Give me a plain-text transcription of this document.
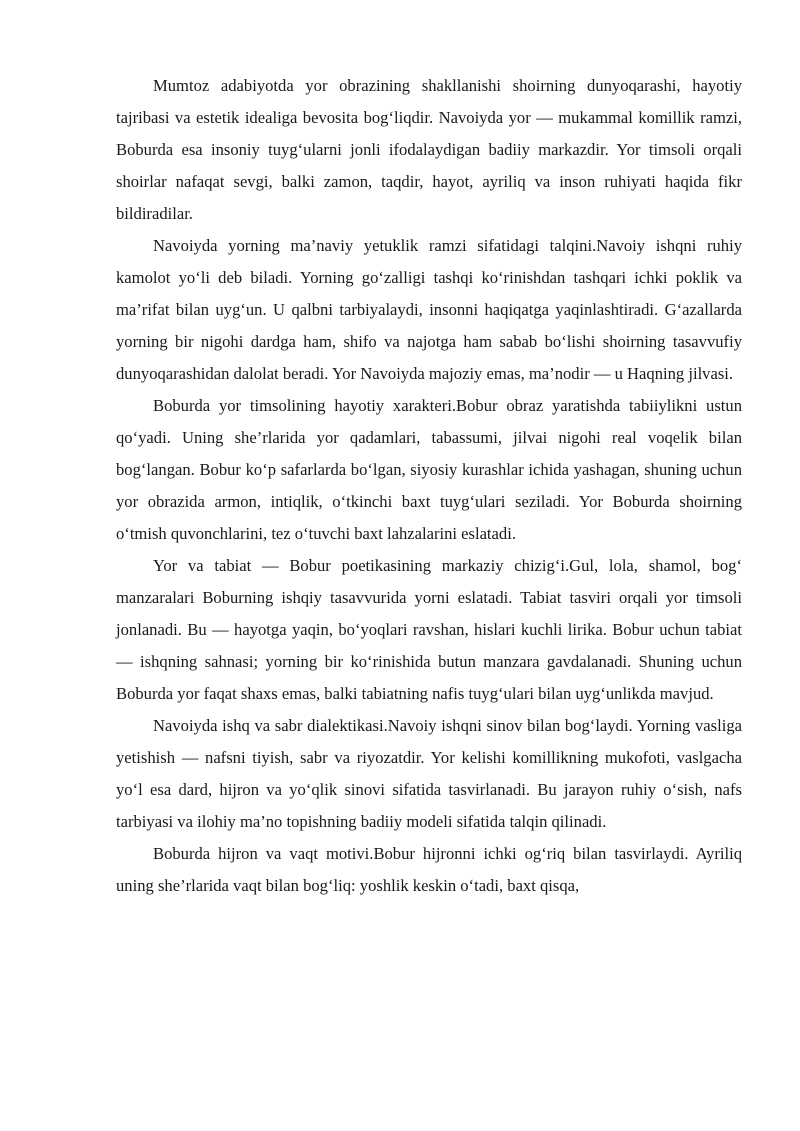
Mumtoz adabiyotda yor obrazining shakllanishi shoirning dunyoqarashi, hayotiy tajribasi va estetik idealiga bevosita bog‘liqdir. Navoiyda yor — mukammal komillik ramzi, Boburda esa insoniy tuyg‘ularni jonli ifodalaydigan badiiy markazdir. Yor timsoli orqali shoirlar nafaqat sevgi, balki zamon, taqdir, hayot, ayriliq va inson ruhiyati haqida fikr bildiradilar.

Navoiyda yorning ma’naviy yetuklik ramzi sifatidagi talqini.Navoiy ishqni ruhiy kamolot yo‘li deb biladi. Yorning go‘zalligi tashqi ko‘rinishdan tashqari ichki poklik va ma’rifat bilan uyg‘un. U qalbni tarbiyalaydi, insonni haqiqatga yaqinlashtiradi. G‘azallarda yorning bir nigohi dardga ham, shifo va najotga ham sabab bo‘lishi shoirning tasavvufiy dunyoqarashidan dalolat beradi. Yor Navoiyda majoziy emas, ma’nodir — u Haqning jilvasi.

Boburda yor timsolining hayotiy xarakteri.Bobur obraz yaratishda tabiiylikni ustun qo‘yadi. Uning she’rlarida yor qadamlari, tabassumi, jilvai nigohi real voqelik bilan bog‘langan. Bobur ko‘p safarlarda bo‘lgan, siyosiy kurashlar ichida yashagan, shuning uchun yor obrazida armon, intiqlik, o‘tkinchi baxt tuyg‘ulari seziladi. Yor Boburda shoirning o‘tmish quvonchlarini, tez o‘tuvchi baxt lahzalarini eslatadi.

Yor va tabiat — Bobur poetikasining markaziy chizig‘i.Gul, lola, shamol, bog‘ manzaralari Boburning ishqiy tasavvurida yorni eslatadi. Tabiat tasviri orqali yor timsoli jonlanadi. Bu — hayotga yaqin, bo‘yoqlari ravshan, hislari kuchli lirika. Bobur uchun tabiat — ishqning sahnasi; yorning bir ko‘rinishida butun manzara gavdalanadi. Shuning uchun Boburda yor faqat shaxs emas, balki tabiatning nafis tuyg‘ulari bilan uyg‘unlikda mavjud.

Navoiyda ishq va sabr dialektikasi.Navoiy ishqni sinov bilan bog‘laydi. Yorning vasliga yetishish — nafsni tiyish, sabr va riyozatdir. Yor kelishi komillikning mukofoti, vaslgacha yo‘l esa dard, hijron va yo‘qlik sinovi sifatida tasvirlanadi. Bu jarayon ruhiy o‘sish, nafs tarbiyasi va ilohiy ma’no topishning badiiy modeli sifatida talqin qilinadi.

Boburda hijron va vaqt motivi.Bobur hijronni ichki og‘riq bilan tasvirlaydi. Ayriliq uning she’rlarida vaqt bilan bog‘liq: yoshlik keskin o‘tadi, baxt qisqa,
